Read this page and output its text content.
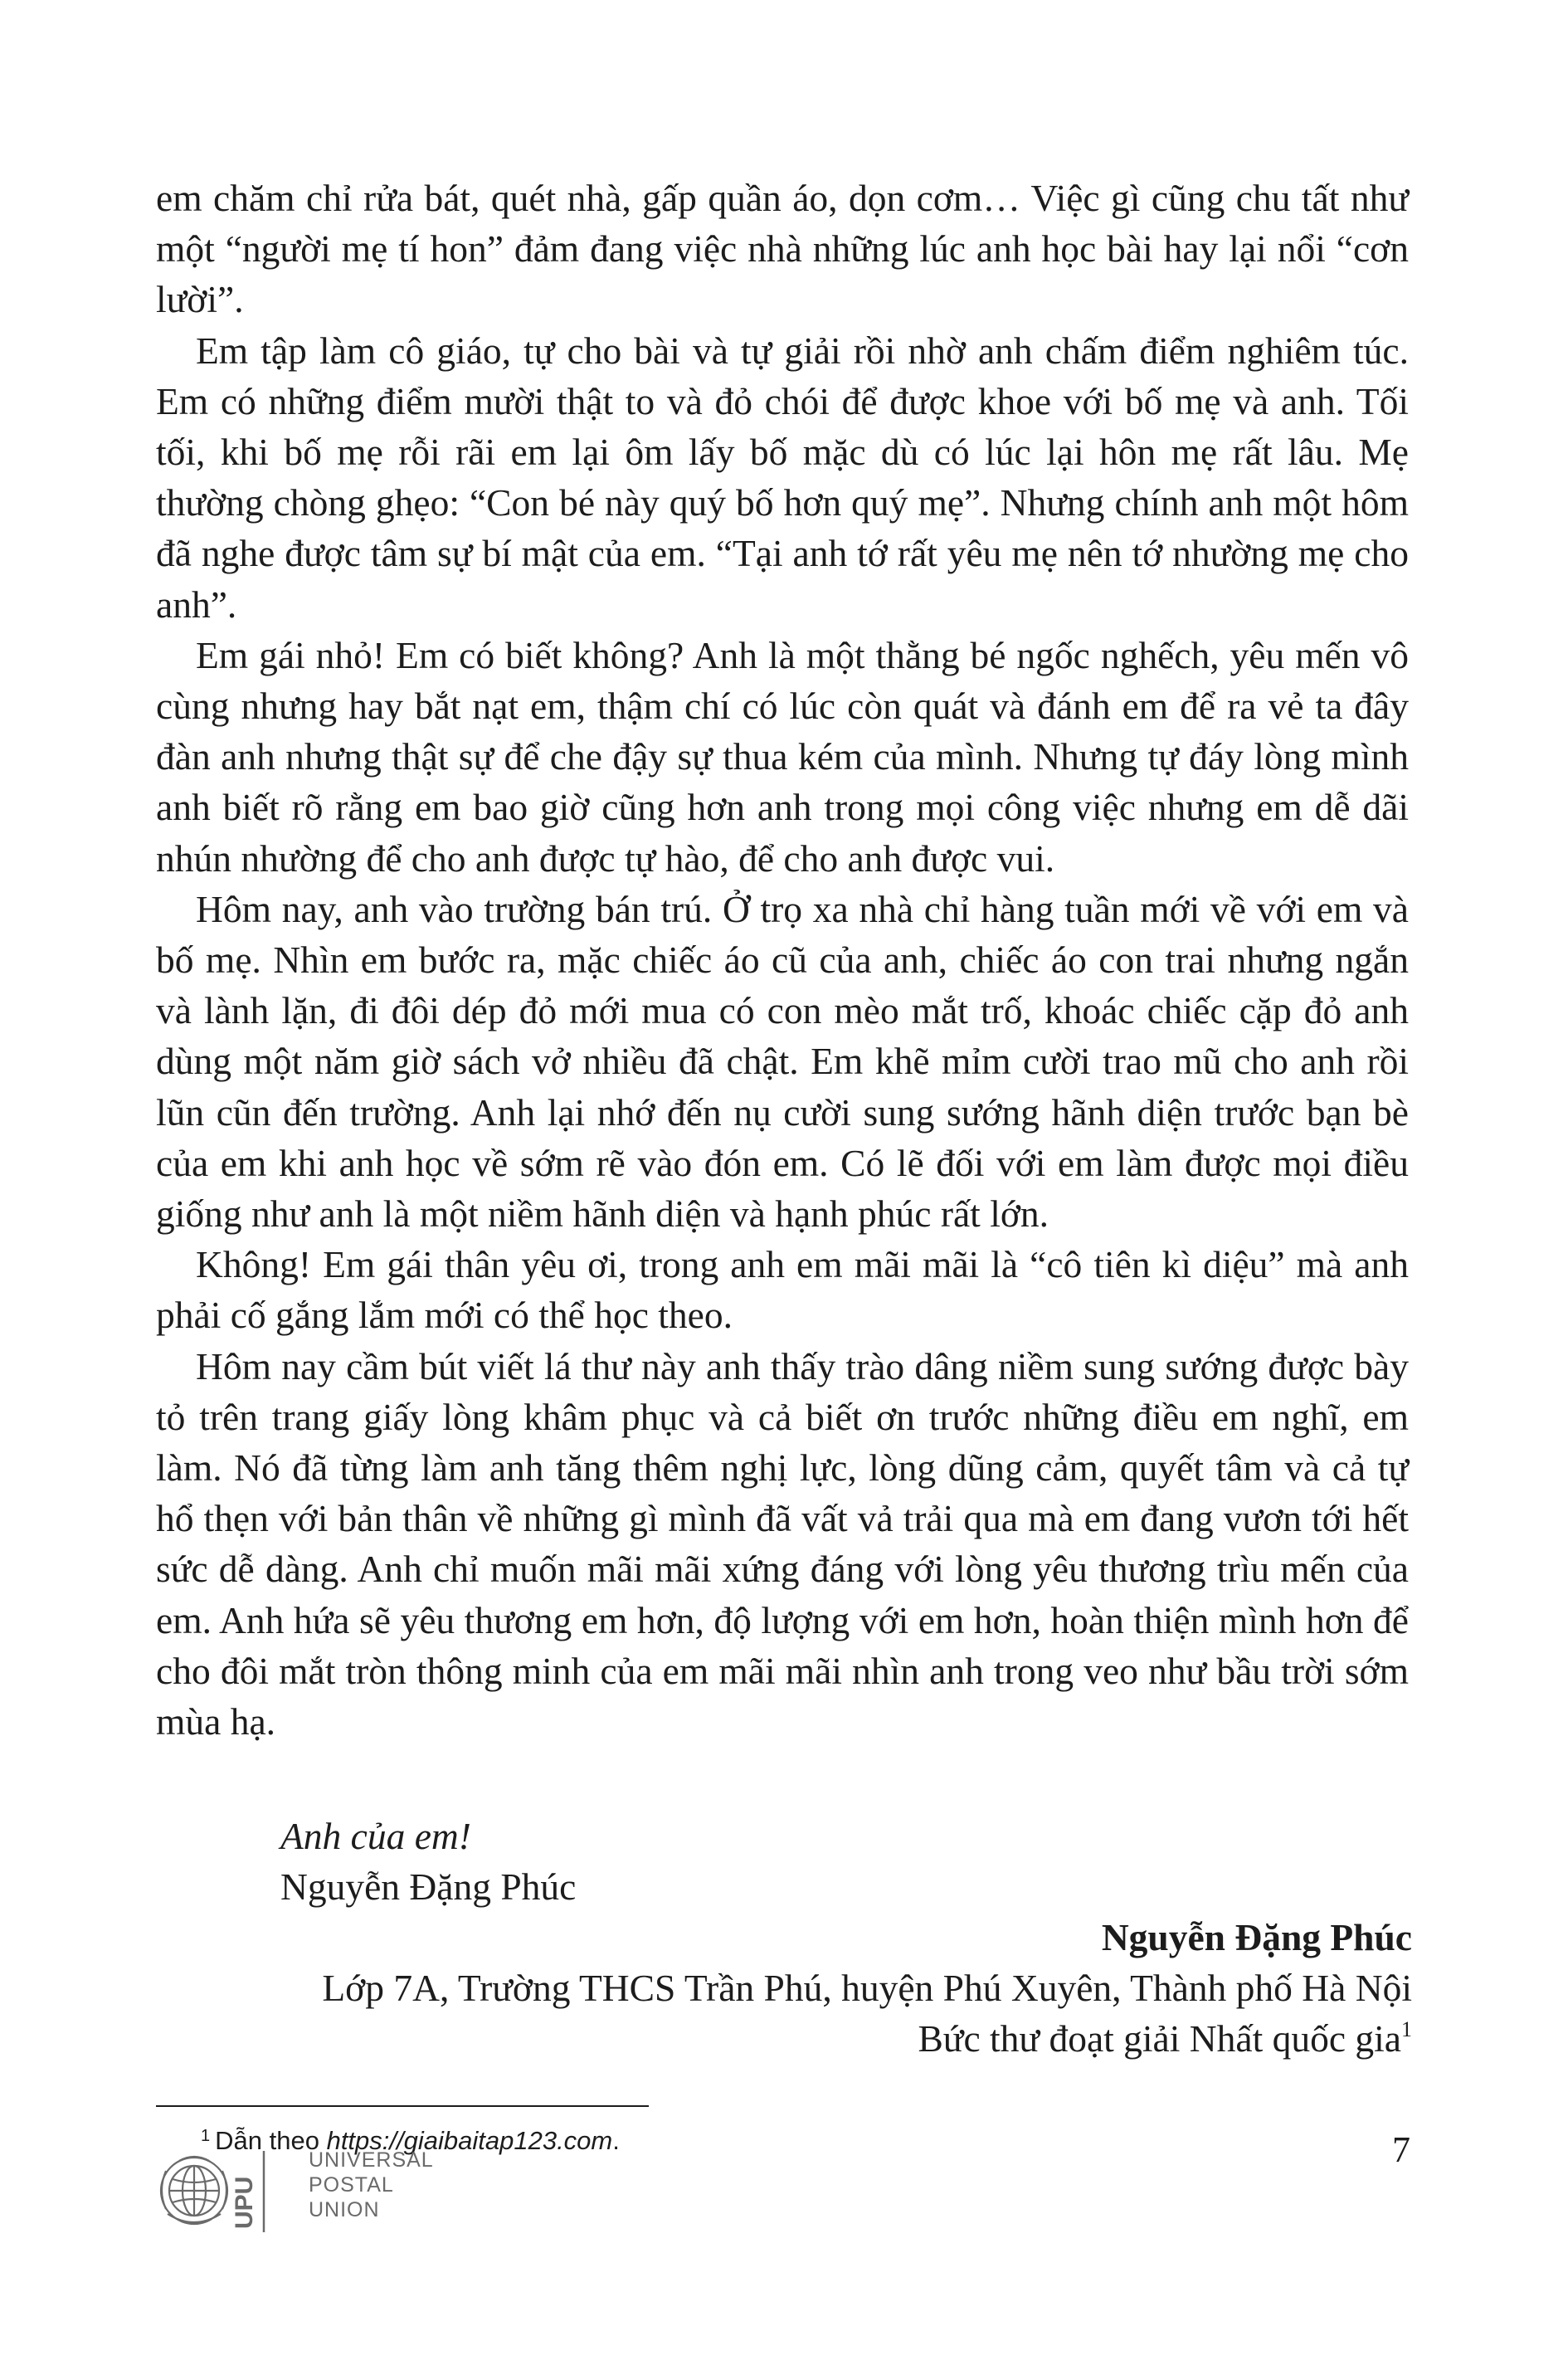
em chăm chỉ rửa bát, quét nhà, gấp quần áo, dọn cơm… Việc gì cũng chu tất như một “người mẹ tí hon” đảm đang việc nhà những lúc anh học bài hay lại nổi “cơn lười”.

Em tập làm cô giáo, tự cho bài và tự giải rồi nhờ anh chấm điểm nghiêm túc. Em có những điểm mười thật to và đỏ chói để được khoe với bố mẹ và anh. Tối tối, khi bố mẹ rỗi rãi em lại ôm lấy bố mặc dù có lúc lại hôn mẹ rất lâu. Mẹ thường chòng ghẹo: “Con bé này quý bố hơn quý mẹ”. Nhưng chính anh một hôm đã nghe được tâm sự bí mật của em. “Tại anh tớ rất yêu mẹ nên tớ nhường mẹ cho anh”.

Em gái nhỏ! Em có biết không? Anh là một thằng bé ngốc nghếch, yêu mến vô cùng nhưng hay bắt nạt em, thậm chí có lúc còn quát và đánh em để ra vẻ ta đây đàn anh nhưng thật sự để che đậy sự thua kém của mình. Nhưng tự đáy lòng mình anh biết rõ rằng em bao giờ cũng hơn anh trong mọi công việc nhưng em dễ dãi nhún nhường để cho anh được tự hào, để cho anh được vui.

Hôm nay, anh vào trường bán trú. Ở trọ xa nhà chỉ hàng tuần mới về với em và bố mẹ. Nhìn em bước ra, mặc chiếc áo cũ của anh, chiếc áo con trai nhưng ngắn và lành lặn, đi đôi dép đỏ mới mua có con mèo mắt trố, khoác chiếc cặp đỏ anh dùng một năm giờ sách vở nhiều đã chật. Em khẽ mỉm cười trao mũ cho anh rồi lũn cũn đến trường. Anh lại nhớ đến nụ cười sung sướng hãnh diện trước bạn bè của em khi anh học về sớm rẽ vào đón em. Có lẽ đối với em làm được mọi điều giống như anh là một niềm hãnh diện và hạnh phúc rất lớn.

Không! Em gái thân yêu ơi, trong anh em mãi mãi là “cô tiên kì diệu” mà anh phải cố gắng lắm mới có thể học theo.

Hôm nay cầm bút viết lá thư này anh thấy trào dâng niềm sung sướng được bày tỏ trên trang giấy lòng khâm phục và cả biết ơn trước những điều em nghĩ, em làm. Nó đã từng làm anh tăng thêm nghị lực, lòng dũng cảm, quyết tâm và cả tự hổ thẹn với bản thân về những gì mình đã vất vả trải qua mà em đang vươn tới hết sức dễ dàng. Anh chỉ muốn mãi mãi xứng đáng với lòng yêu thương trìu mến của em. Anh hứa sẽ yêu thương em hơn, độ lượng với em hơn, hoàn thiện mình hơn để cho đôi mắt tròn thông minh của em mãi mãi nhìn anh trong veo như bầu trời sớm mùa hạ.

Anh của em!
Nguyễn Đặng Phúc
Nguyễn Đặng Phúc
Lớp 7A, Trường THCS Trần Phú, huyện Phú Xuyên, Thành phố Hà Nội
Bức thư đoạt giải Nhất quốc gia$^1$
$^1$ Dẫn theo https://giaibaitap123.com.	7
UPU
UNIVERSAL
POSTAL
UNION
